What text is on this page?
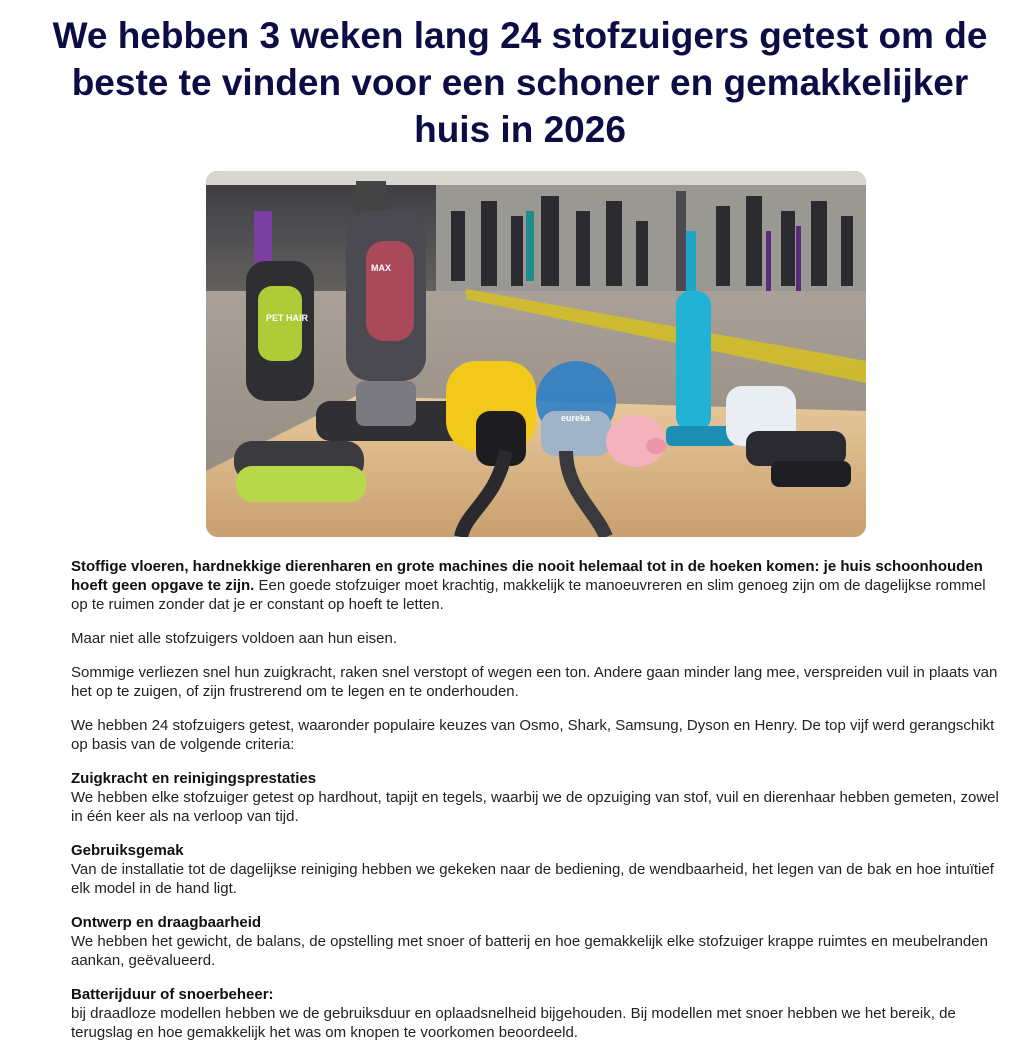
We hebben 3 weken lang 24 stofzuigers getest om de beste te vinden voor een schoner en gemakkelijker huis in 2026
PET HAIR
MAX
eureka

Stoffige vloeren, hardnekkige dierenharen en grote machines die nooit helemaal tot in de hoeken komen: je huis schoonhouden hoeft geen opgave te zijn. Een goede stofzuiger moet krachtig, makkelijk te manoeuvreren en slim genoeg zijn om de dagelijkse rommel op te ruimen zonder dat je er constant op hoeft te letten.

Maar niet alle stofzuigers voldoen aan hun eisen.

Sommige verliezen snel hun zuigkracht, raken snel verstopt of wegen een ton. Andere gaan minder lang mee, verspreiden vuil in plaats van het op te zuigen, of zijn frustrerend om te legen en te onderhouden.

We hebben 24 stofzuigers getest, waaronder populaire keuzes van Osmo, Shark, Samsung, Dyson en Henry. De top vijf werd gerangschikt op basis van de volgende criteria:

Zuigkracht en reinigingsprestaties
We hebben elke stofzuiger getest op hardhout, tapijt en tegels, waarbij we de opzuiging van stof, vuil en dierenhaar hebben gemeten, zowel in één keer als na verloop van tijd.
Gebruiksgemak
Van de installatie tot de dagelijkse reiniging hebben we gekeken naar de bediening, de wendbaarheid, het legen van de bak en hoe intuïtief elk model in de hand ligt.
Ontwerp en draagbaarheid
We hebben het gewicht, de balans, de opstelling met snoer of batterij en hoe gemakkelijk elke stofzuiger krappe ruimtes en meubelranden aankan, geëvalueerd.
Batterijduur of snoerbeheer:
bij draadloze modellen hebben we de gebruiksduur en oplaadsnelheid bijgehouden. Bij modellen met snoer hebben we het bereik, de terugslag en hoe gemakkelijk het was om knopen te voorkomen beoordeeld.
